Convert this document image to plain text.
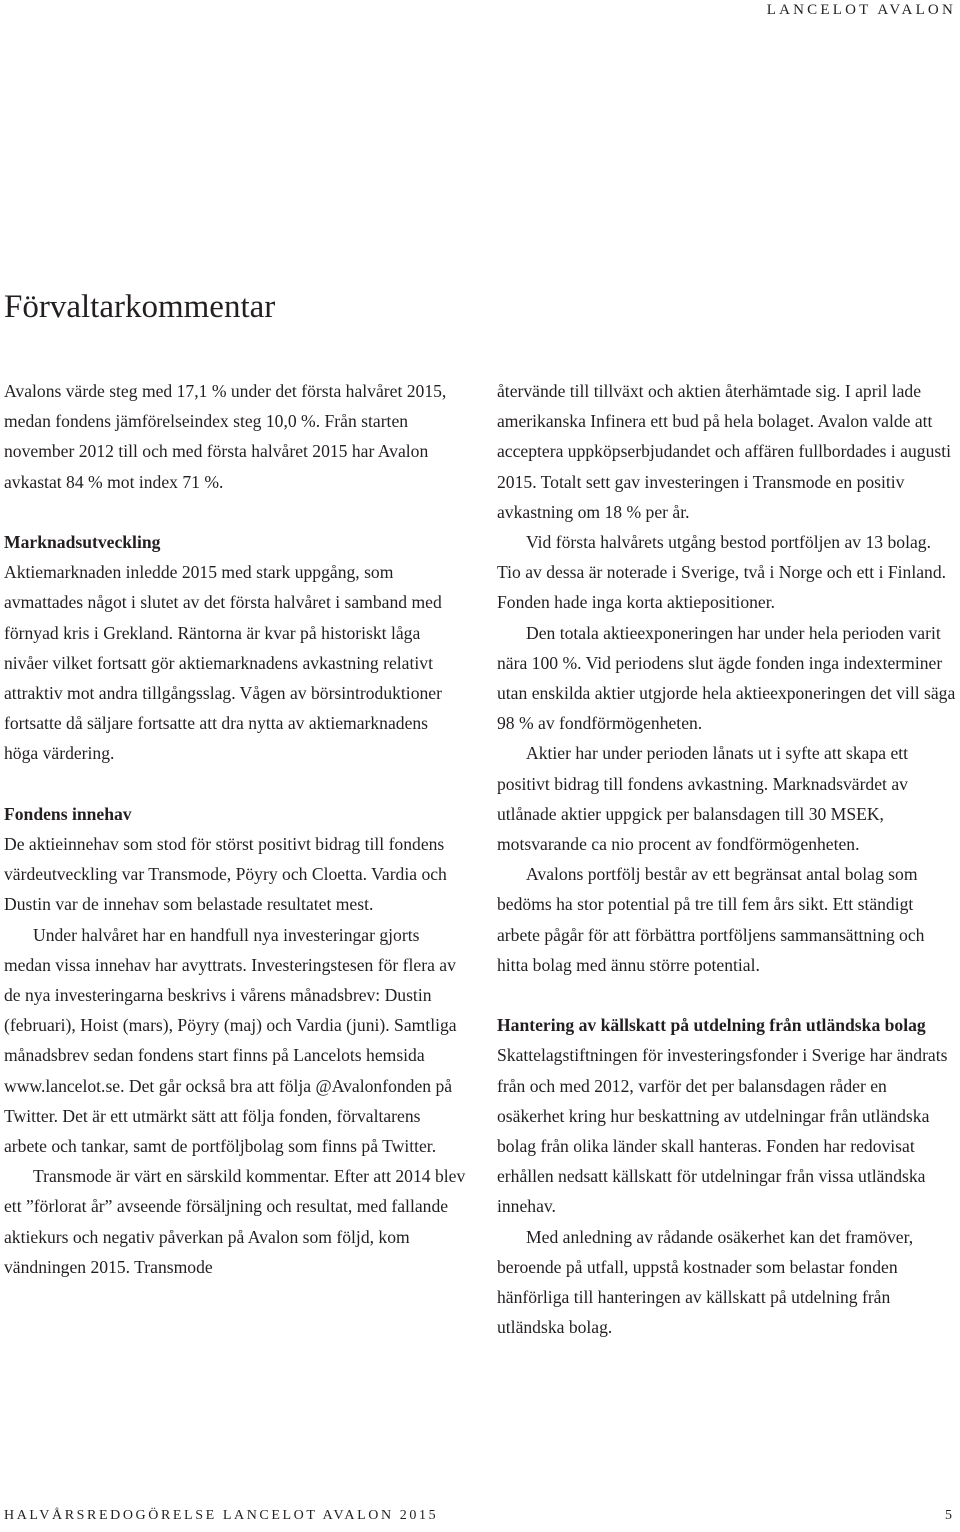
LANCELOT AVALON
Förvaltarkommentar

Avalons värde steg med 17,1 % under det första halvåret 2015, medan fondens jämförelseindex steg 10,0 %. Från starten november 2012 till och med första halvåret 2015 har Avalon avkastat 84 % mot index 71 %.

Marknadsutveckling

Aktiemarknaden inledde 2015 med stark uppgång, som avmattades något i slutet av det första halvåret i samband med förnyad kris i Grekland. Räntorna är kvar på historiskt låga nivåer vilket fortsatt gör aktiemarknadens avkastning relativt attraktiv mot andra tillgångsslag. Vågen av börsintroduktioner fortsatte då säljare fortsatte att dra nytta av aktiemarknadens höga värdering.

Fondens innehav

De aktieinnehav som stod för störst positivt bidrag till fondens värdeutveckling var Transmode, Pöyry och Cloetta. Vardia och Dustin var de innehav som belastade resultatet mest.

Under halvåret har en handfull nya investeringar gjorts medan vissa innehav har avyttrats. Investeringstesen för flera av de nya investeringarna beskrivs i vårens månadsbrev: Dustin (februari), Hoist (mars), Pöyry (maj) och Vardia (juni). Samtliga månadsbrev sedan fondens start finns på Lancelots hemsida www.lancelot.se. Det går också bra att följa @Avalonfonden på Twitter. Det är ett utmärkt sätt att följa fonden, förvaltarens arbete och tankar, samt de portföljbolag som finns på Twitter.

Transmode är värt en särskild kommentar. Efter att 2014 blev ett ”förlorat år” avseende försäljning och resultat, med fallande aktiekurs och negativ påverkan på Avalon som följd, kom vändningen 2015. Transmode

återvände till tillväxt och aktien återhämtade sig. I april lade amerikanska Infinera ett bud på hela bolaget. Avalon valde att acceptera uppköpserbjudandet och affären fullbordades i augusti 2015. Totalt sett gav investeringen i Transmode en positiv avkastning om 18 % per år.

Vid första halvårets utgång bestod portföljen av 13 bolag. Tio av dessa är noterade i Sverige, två i Norge och ett i Finland. Fonden hade inga korta aktiepositioner.

Den totala aktieexponeringen har under hela perioden varit nära 100 %. Vid periodens slut ägde fonden inga indexterminer utan enskilda aktier utgjorde hela aktieexponeringen det vill säga 98 % av fondförmögenheten.

Aktier har under perioden lånats ut i syfte att skapa ett positivt bidrag till fondens avkastning. Marknadsvärdet av utlånade aktier uppgick per balansdagen till 30 MSEK, motsvarande ca nio procent av fondförmögenheten.

Avalons portfölj består av ett begränsat antal bolag som bedöms ha stor potential på tre till fem års sikt. Ett ständigt arbete pågår för att förbättra portföljens sammansättning och hitta bolag med ännu större potential.

Hantering av källskatt på utdelning från utländska bolag

Skattelagstiftningen för investeringsfonder i Sverige har ändrats från och med 2012, varför det per balansdagen råder en osäkerhet kring hur beskattning av utdelningar från utländska bolag från olika länder skall hanteras. Fonden har redovisat erhållen nedsatt källskatt för utdelningar från vissa utländska innehav.

Med anledning av rådande osäkerhet kan det framöver, beroende på utfall, uppstå kostnader som belastar fonden hänförliga till hanteringen av källskatt på utdelning från utländska bolag.

HALVÅRSREDOGÖRELSE LANCELOT AVALON 2015	5
